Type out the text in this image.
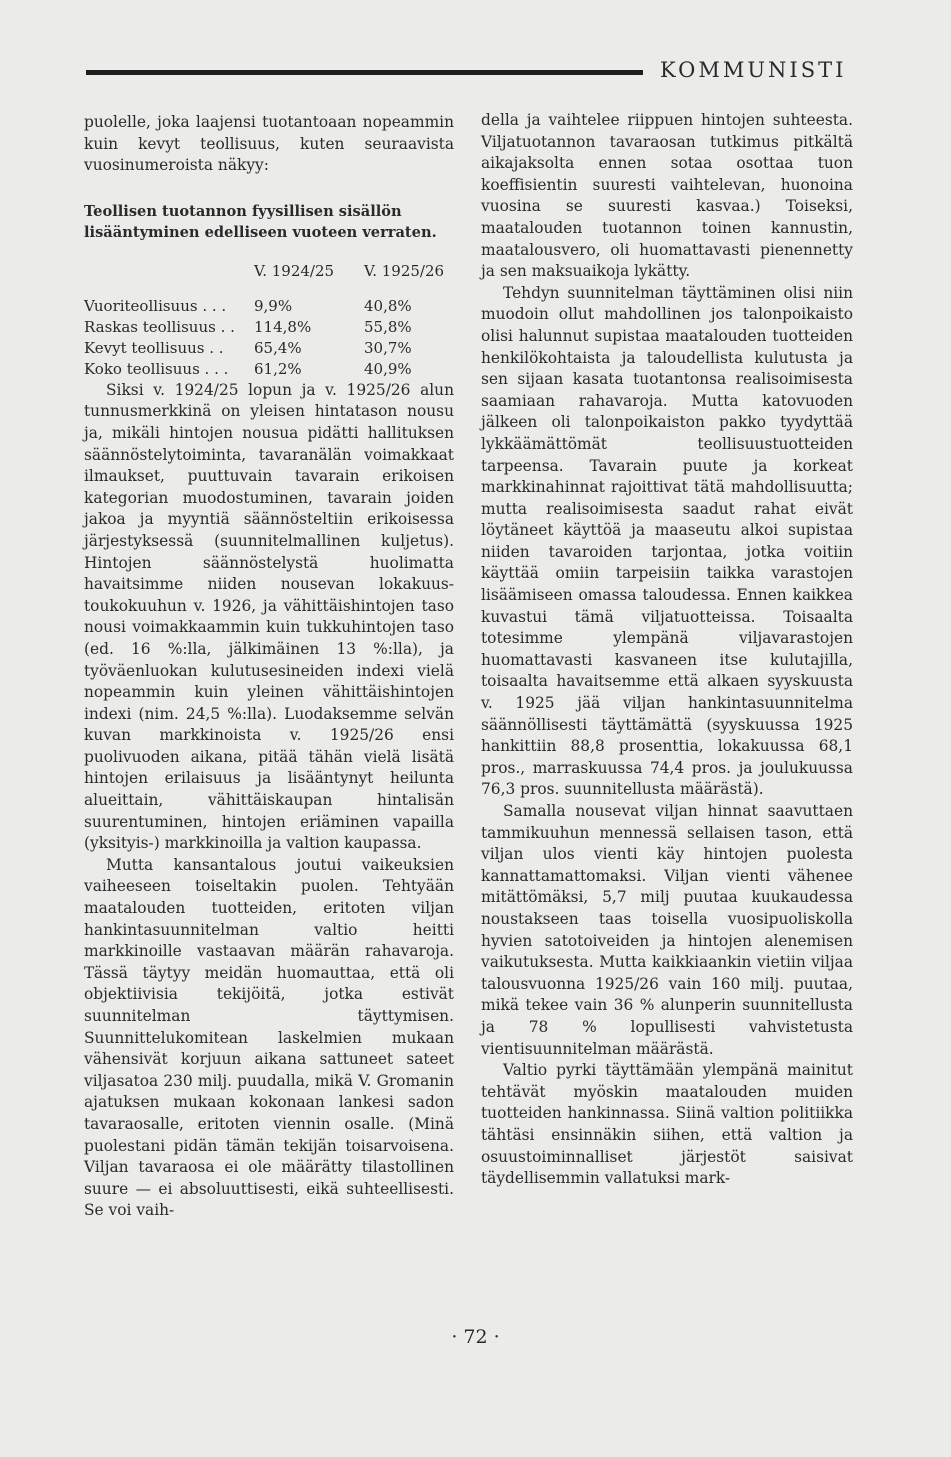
KOMMUNISTI

puolelle, joka laajensi tuotantoaan nopeammin kuin kevyt teollisuus, kuten seuraavista vuosinumeroista näkyy:

Teollisen tuotannon fyysillisen sisällön lisääntyminen edelliseen vuoteen verraten.
	V. 1924/25	V. 1925/26
Vuoriteollisuus . . .	9,9%	40,8%
Raskas teollisuus . .	114,8%	55,8%
Kevyt teollisuus . .	65,4%	30,7%
Koko teollisuus . . .	61,2%	40,9%

Siksi v. 1924/25 lopun ja v. 1925/26 alun tunnusmerkkinä on yleisen hintatason nousu ja, mikäli hintojen nousua pidätti hallituksen säännöstelytoiminta, tavaranälän voimakkaat ilmaukset, puuttuvain tavarain erikoisen kategorian muodostuminen, tavarain joiden jakoa ja myyntiä säännösteltiin erikoisessa järjestyksessä (suunnitelmallinen kuljetus). Hintojen säännöstelystä huolimatta havaitsimme niiden nousevan lokakuus- toukokuuhun v. 1926, ja vähittäishintojen taso nousi voimakkaammin kuin tukkuhintojen taso (ed. 16 %:lla, jälkimäinen 13 %:lla), ja työväenluokan kulutusesineiden indexi vielä nopeammin kuin yleinen vähittäishintojen indexi (nim. 24,5 %:lla). Luodaksemme selvän kuvan markkinoista v. 1925/26 ensi puolivuoden aikana, pitää tähän vielä lisätä hintojen erilaisuus ja lisääntynyt heilunta alueittain, vähittäiskaupan hintalisän suurentuminen, hintojen eriäminen vapailla (yksityis-) markkinoilla ja valtion kaupassa.

Mutta kansantalous joutui vaikeuksien vaiheeseen toiseltakin puolen. Tehtyään maatalouden tuotteiden, eritoten viljan hankintasuunnitelman valtio heitti markkinoille vastaavan määrän rahavaroja. Tässä täytyy meidän huomauttaa, että oli objektiivisia tekijöitä, jotka estivät suunnitelman täyttymisen. Suunnittelukomitean laskelmien mukaan vähensivät korjuun aikana sattuneet sateet viljasatoa 230 milj. puudalla, mikä V. Gromanin ajatuksen mukaan kokonaan lankesi sadon tavaraosalle, eritoten viennin osalle. (Minä puolestani pidän tämän tekijän toisarvoisena. Viljan tavaraosa ei ole määrätty tilastollinen suure — ei absoluuttisesti, eikä suhteellisesti. Se voi vaih-

della ja vaihtelee riippuen hintojen suhteesta. Viljatuotannon tavaraosan tutkimus pitkältä aikajaksolta ennen sotaa osottaa tuon koeffisientin suuresti vaihtelevan, huonoina vuosina se suuresti kasvaa.) Toiseksi, maatalouden tuotannon toinen kannustin, maatalousvero, oli huomattavasti pienennetty ja sen maksuaikoja lykätty.

Tehdyn suunnitelman täyttäminen olisi niin muodoin ollut mahdollinen jos talonpoikaisto olisi halunnut supistaa maatalouden tuotteiden henkilökohtaista ja taloudellista kulutusta ja sen sijaan kasata tuotantonsa realisoimisesta saamiaan rahavaroja. Mutta katovuoden jälkeen oli talonpoikaiston pakko tyydyttää lykkäämättömät teollisuustuotteiden tarpeensa. Tavarain puute ja korkeat markkinahinnat rajoittivat tätä mahdollisuutta; mutta realisoimisesta saadut rahat eivät löytäneet käyttöä ja maaseutu alkoi supistaa niiden tavaroiden tarjontaa, jotka voitiin käyttää omiin tarpeisiin taikka varastojen lisäämiseen omassa taloudessa. Ennen kaikkea kuvastui tämä viljatuotteissa. Toisaalta totesimme ylempänä viljavarastojen huomattavasti kasvaneen itse kulutajilla, toisaalta havaitsemme että alkaen syyskuusta v. 1925 jää viljan hankintasuunnitelma säännöllisesti täyttämättä (syyskuussa 1925 hankittiin 88,8 prosenttia, lokakuussa 68,1 pros., marraskuussa 74,4 pros. ja joulukuussa 76,3 pros. suunnitellusta määrästä).

Samalla nousevat viljan hinnat saavuttaen tammikuuhun mennessä sellaisen tason, että viljan ulos vienti käy hintojen puolesta kannattamattomaksi. Viljan vienti vähenee mitättömäksi, 5,7 milj puutaa kuukaudessa noustakseen taas toisella vuosipuoliskolla hyvien satotoiveiden ja hintojen alenemisen vaikutuksesta. Mutta kaikkiaankin vietiin viljaa talousvuonna 1925/26 vain 160 milj. puutaa, mikä tekee vain 36 % alunperin suunnitellusta ja 78 % lopullisesti vahvistetusta vientisuunnitelman määrästä.

Valtio pyrki täyttämään ylempänä mainitut tehtävät myöskin maatalouden muiden tuotteiden hankinnassa. Siinä valtion politiikka tähtäsi ensinnäkin siihen, että valtion ja osuustoiminnalliset järjestöt saisivat täydellisemmin vallatuksi mark-

· 72 ·
